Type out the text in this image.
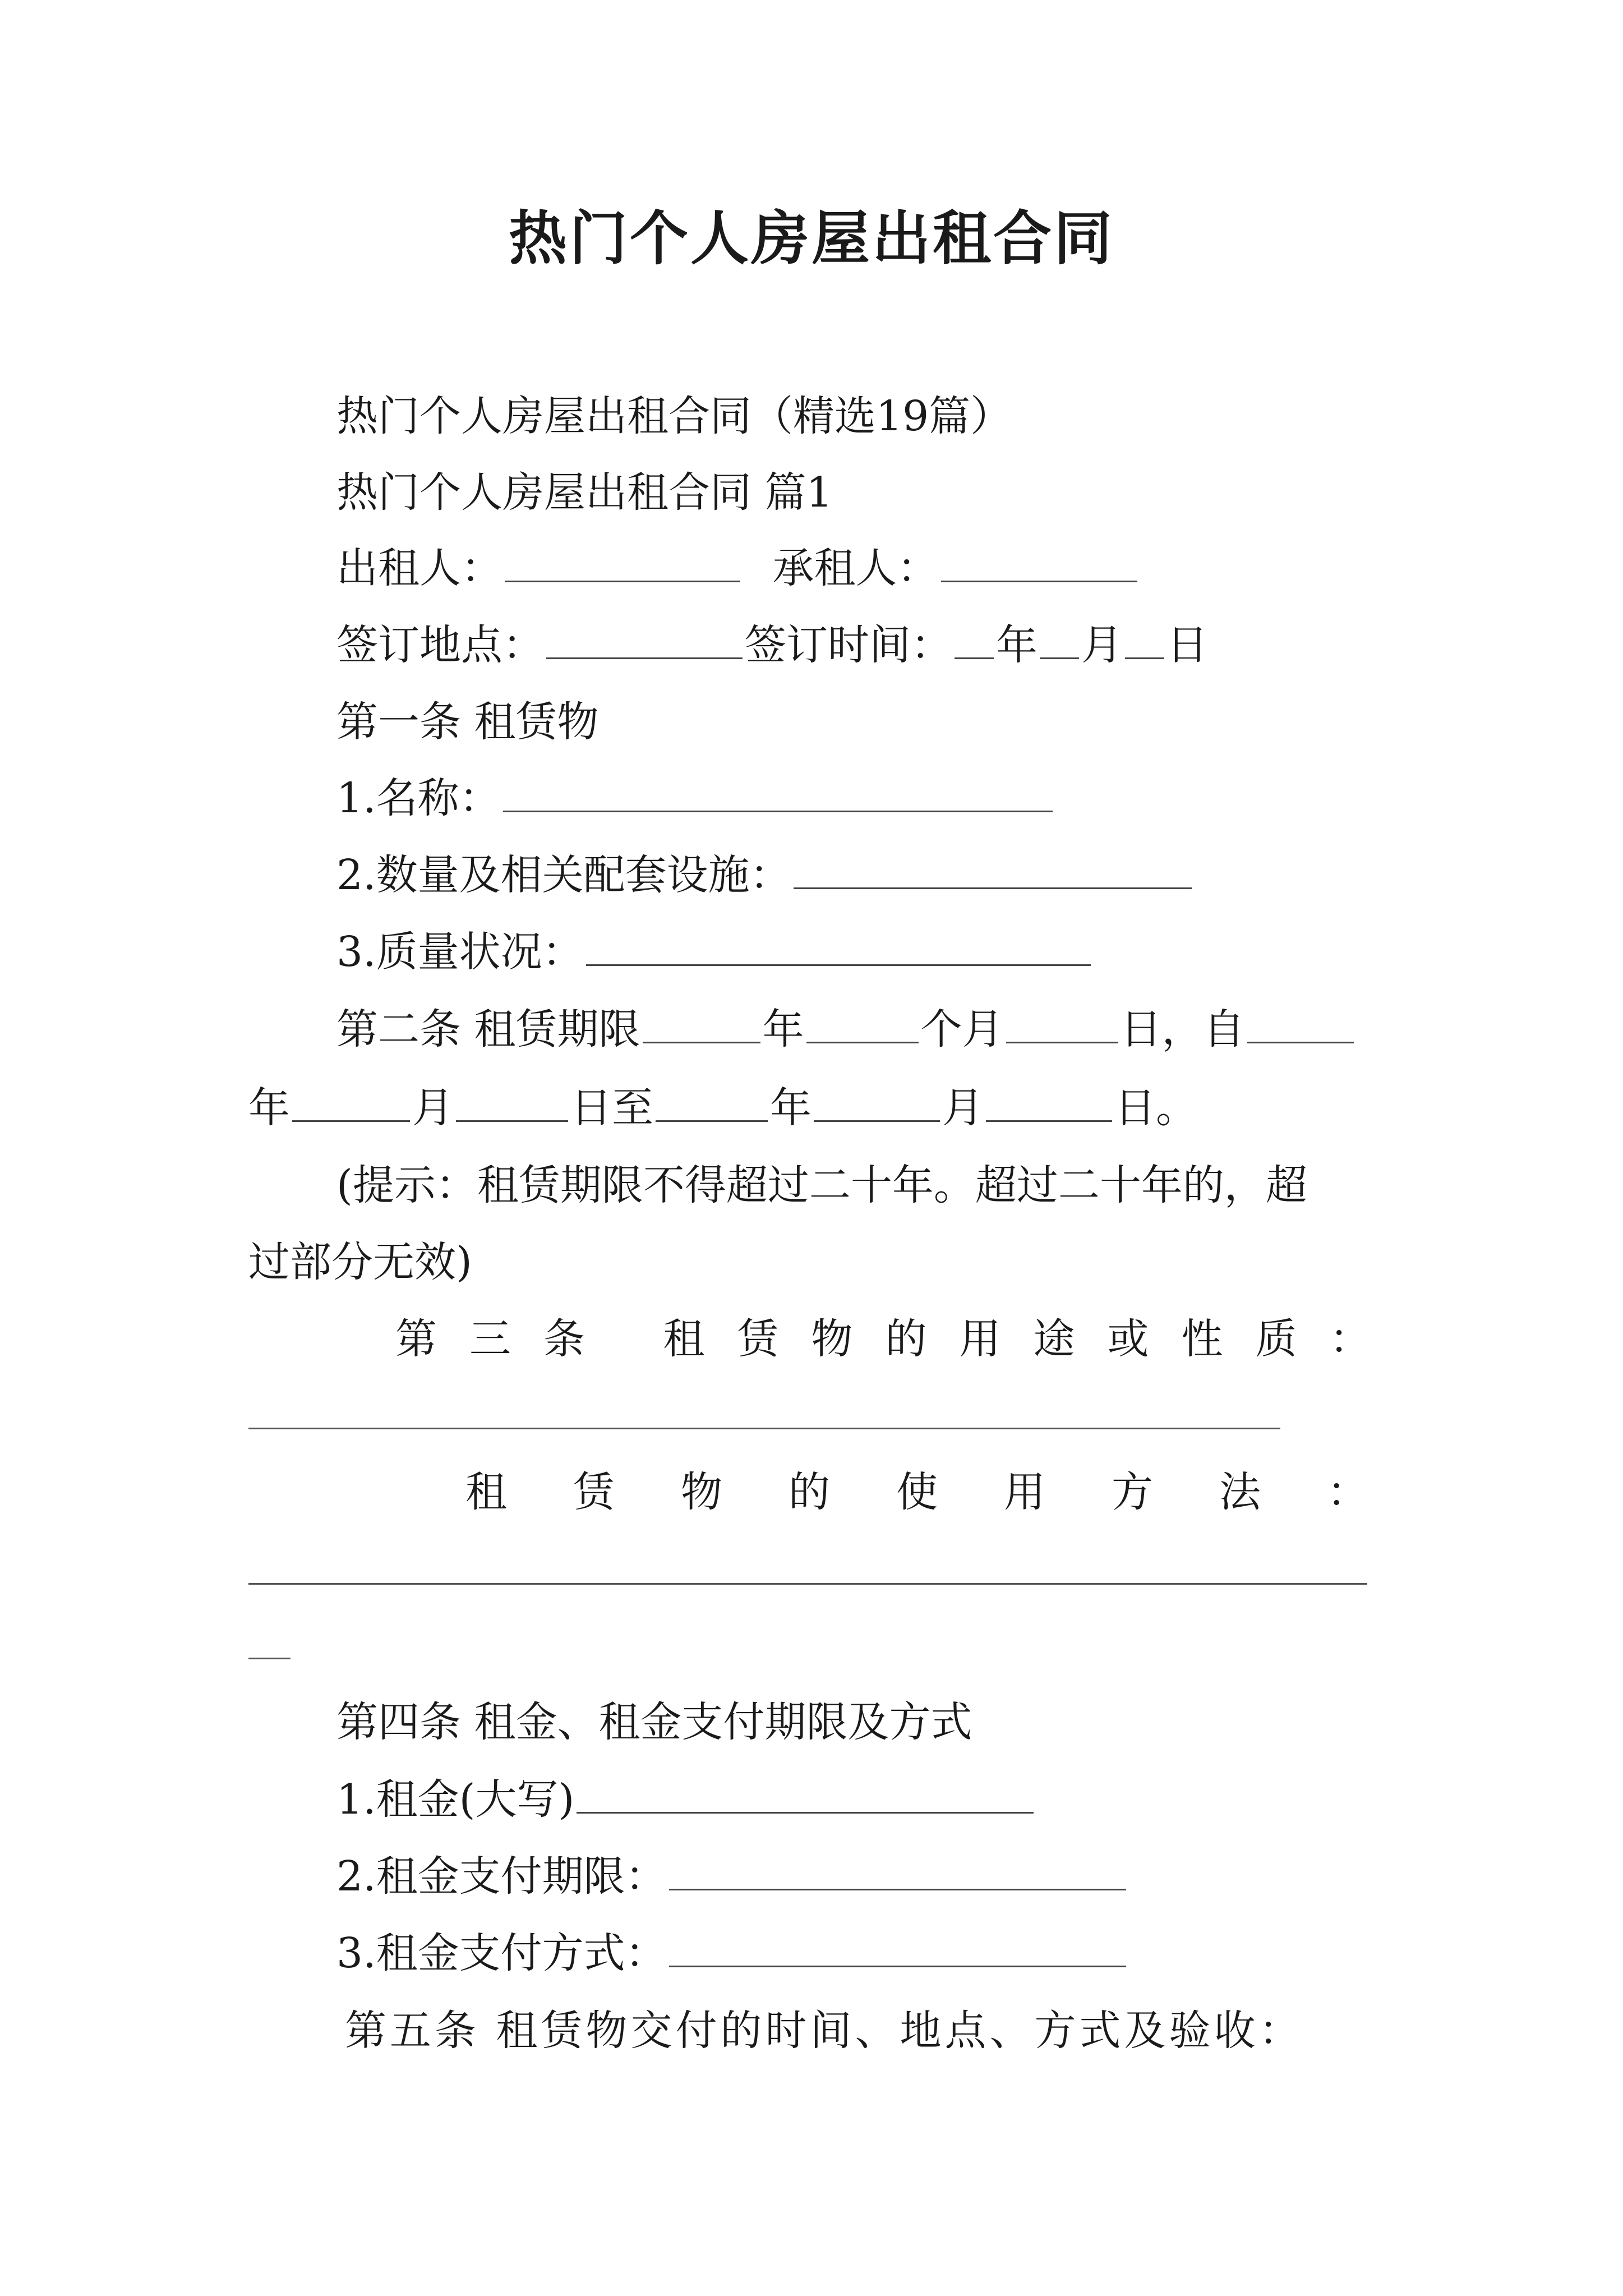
热门个人房屋出租合同
热门个人房屋出租合同（精选19篇）
热门个人房屋出租合同 篇1
出租人：	承租人：
签订地点：	签订时间： 年 月 日
第一条 租赁物
1.名称：
2.数量及相关配套设施：
3.质量状况：
第二条 租赁期限	年	个月	日，自
年	月	日至	年	月	日。
(提示：租赁期限不得超过二十年。超过二十年的，超
过部分无效)
第三条 租赁物的用途或性质：
租赁物的使用方法：
第四条 租金、租金支付期限及方式
1.租金(大写)
2.租金支付期限：
3.租金支付方式：
第五条 租赁物交付的时间、地点、方式及验收：
